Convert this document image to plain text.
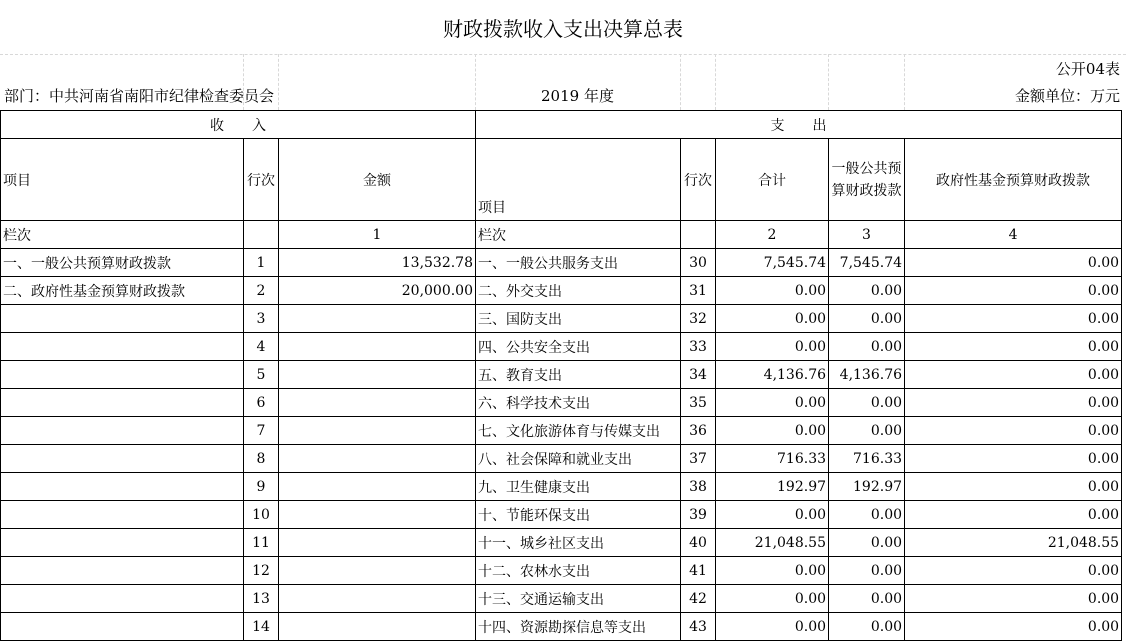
财政拨款收入支出决算总表
公开04表
部门：中共河南省南阳市纪律检查委员会	2019 年度	金额单位：万元
收　　入			支　　出				
项目	行次	金额	项目	行次	合计	一般公共预算财政拨款	政府性基金预算财政拨款
栏次		1	栏次		2	3	4
一、一般公共预算财政拨款	1	13,532.78	一、一般公共服务支出	30	7,545.74	7,545.74	0.00
二、政府性基金预算财政拨款	2	20,000.00	二、外交支出	31	0.00	0.00	0.00
	3		三、国防支出	32	0.00	0.00	0.00
	4		四、公共安全支出	33	0.00	0.00	0.00
	5		五、教育支出	34	4,136.76	4,136.76	0.00
	6		六、科学技术支出	35	0.00	0.00	0.00
	7		七、文化旅游体育与传媒支出	36	0.00	0.00	0.00
	8		八、社会保障和就业支出	37	716.33	716.33	0.00
	9		九、卫生健康支出	38	192.97	192.97	0.00
	10		十、节能环保支出	39	0.00	0.00	0.00
	11		十一、城乡社区支出	40	21,048.55	0.00	21,048.55
	12		十二、农林水支出	41	0.00	0.00	0.00
	13		十三、交通运输支出	42	0.00	0.00	0.00
	14		十四、资源勘探信息等支出	43	0.00	0.00	0.00
